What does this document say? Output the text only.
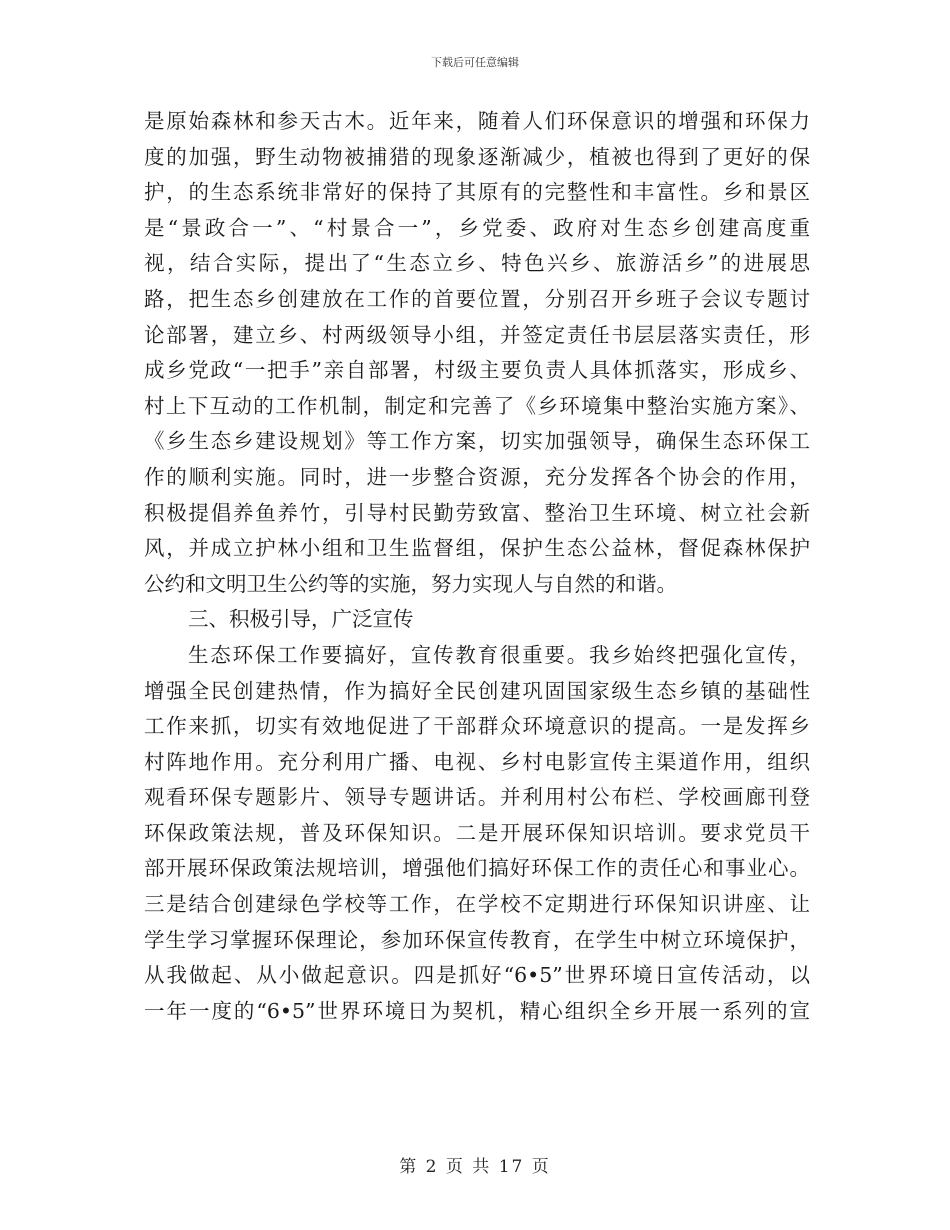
下载后可任意编辑
是原始森林和参天古木。近年来，随着人们环保意识的增强和环保力
度的加强，野生动物被捕猎的现象逐渐减少，植被也得到了更好的保
护，的生态系统非常好的保持了其原有的完整性和丰富性。乡和景区
是“景政合一”、“村景合一”，乡党委、政府对生态乡创建高度重
视，结合实际，提出了“生态立乡、特色兴乡、旅游活乡”的进展思
路，把生态乡创建放在工作的首要位置，分别召开乡班子会议专题讨
论部署，建立乡、村两级领导小组，并签定责任书层层落实责任，形
成乡党政“一把手”亲自部署，村级主要负责人具体抓落实，形成乡、
村上下互动的工作机制，制定和完善了《乡环境集中整治实施方案》、
《乡生态乡建设规划》等工作方案，切实加强领导，确保生态环保工
作的顺利实施。同时，进一步整合资源，充分发挥各个协会的作用，
积极提倡养鱼养竹，引导村民勤劳致富、整治卫生环境、树立社会新
风，并成立护林小组和卫生监督组，保护生态公益林，督促森林保护
公约和文明卫生公约等的实施，努力实现人与自然的和谐。
三、积极引导，广泛宣传
生态环保工作要搞好，宣传教育很重要。我乡始终把强化宣传，
增强全民创建热情，作为搞好全民创建巩固国家级生态乡镇的基础性
工作来抓，切实有效地促进了干部群众环境意识的提高。一是发挥乡
村阵地作用。充分利用广播、电视、乡村电影宣传主渠道作用，组织
观看环保专题影片、领导专题讲话。并利用村公布栏、学校画廊刊登
环保政策法规，普及环保知识。二是开展环保知识培训。要求党员干
部开展环保政策法规培训，增强他们搞好环保工作的责任心和事业心。
三是结合创建绿色学校等工作，在学校不定期进行环保知识讲座、让
学生学习掌握环保理论，参加环保宣传教育，在学生中树立环境保护，
从我做起、从小做起意识。四是抓好“6•5”世界环境日宣传活动，以
一年一度的“6•5”世界环境日为契机，精心组织全乡开展一系列的宣
第 2 页 共 17 页
